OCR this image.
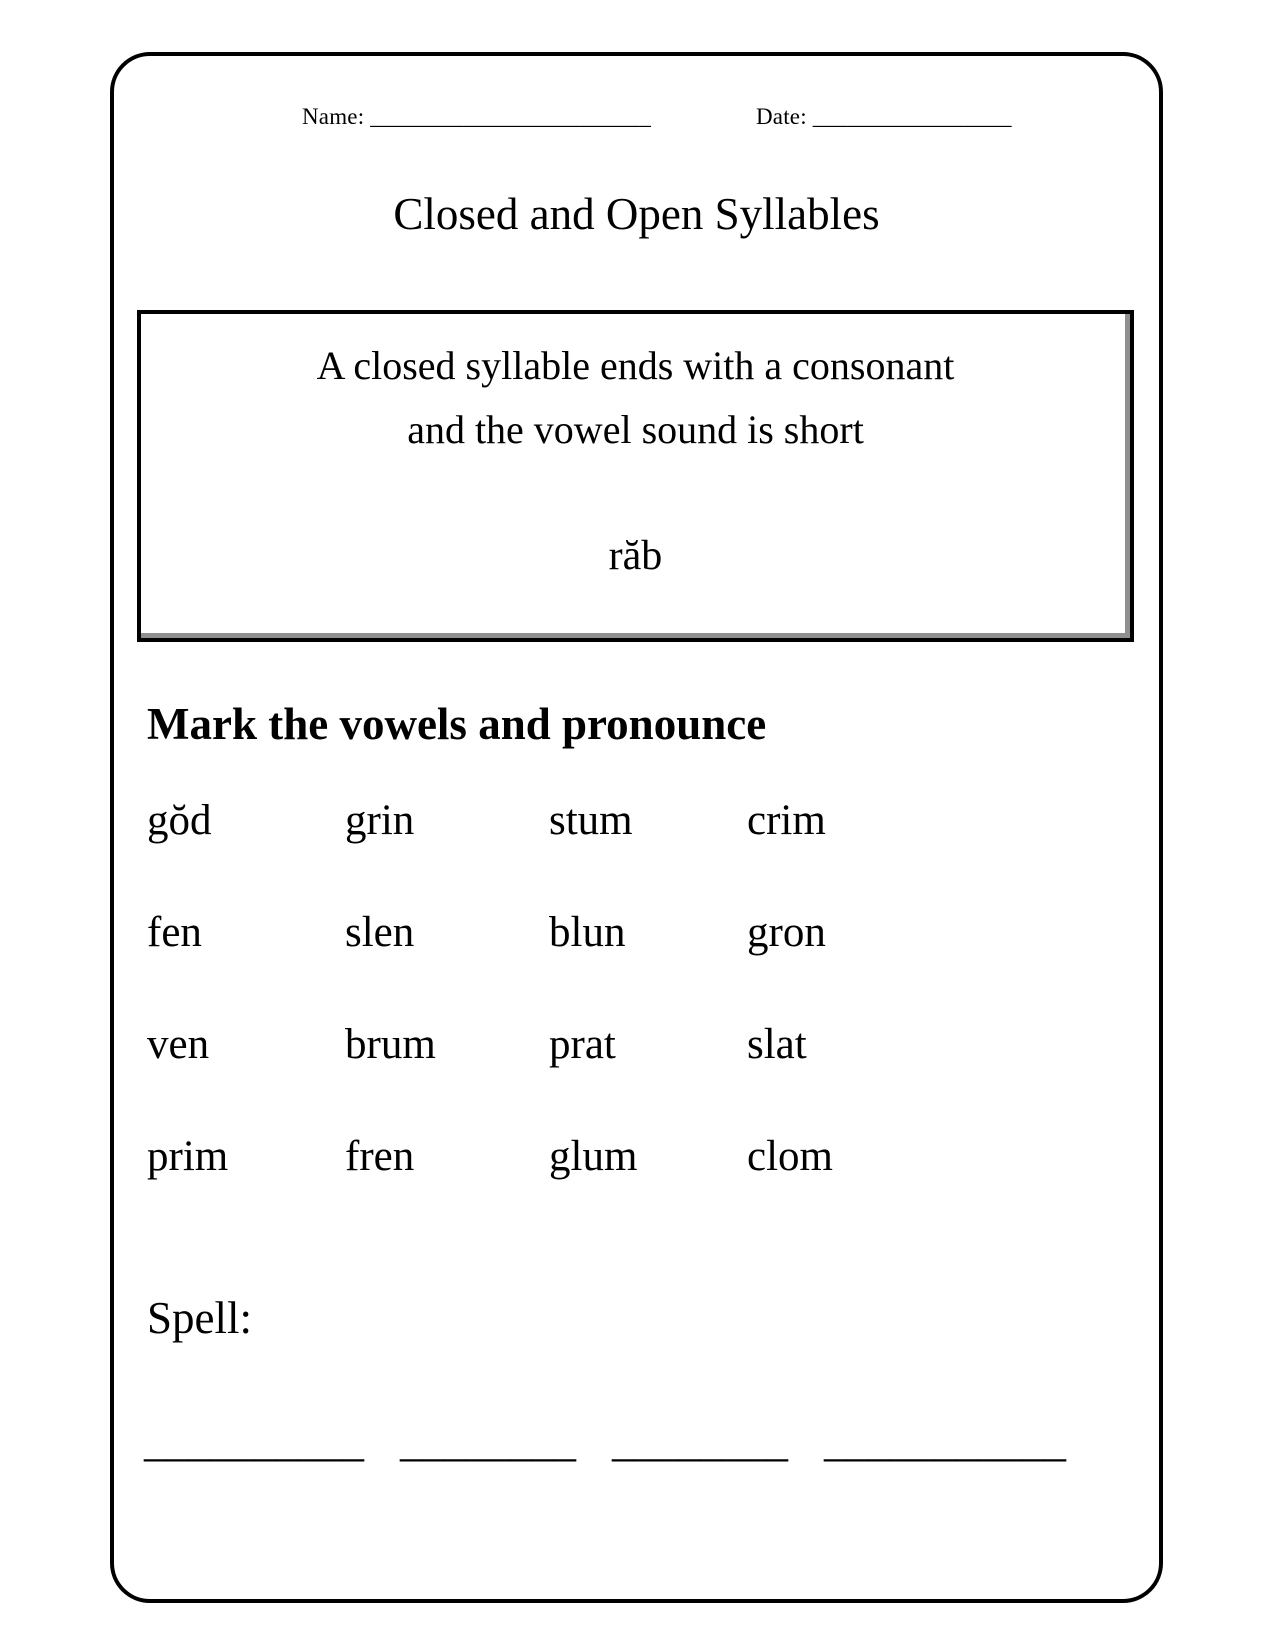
Name: ________________________	Date: _________________
Closed and Open Syllables
A closed syllable ends with a consonant
and the vowel sound is short
răb
Mark the vowels and pronounce
gŏd	grin	stum	crim
fen	slen	blun	gron
ven	brum	prat	slat
prim	fren	glum	clom
Spell:
__________ ________ ________ ___________
